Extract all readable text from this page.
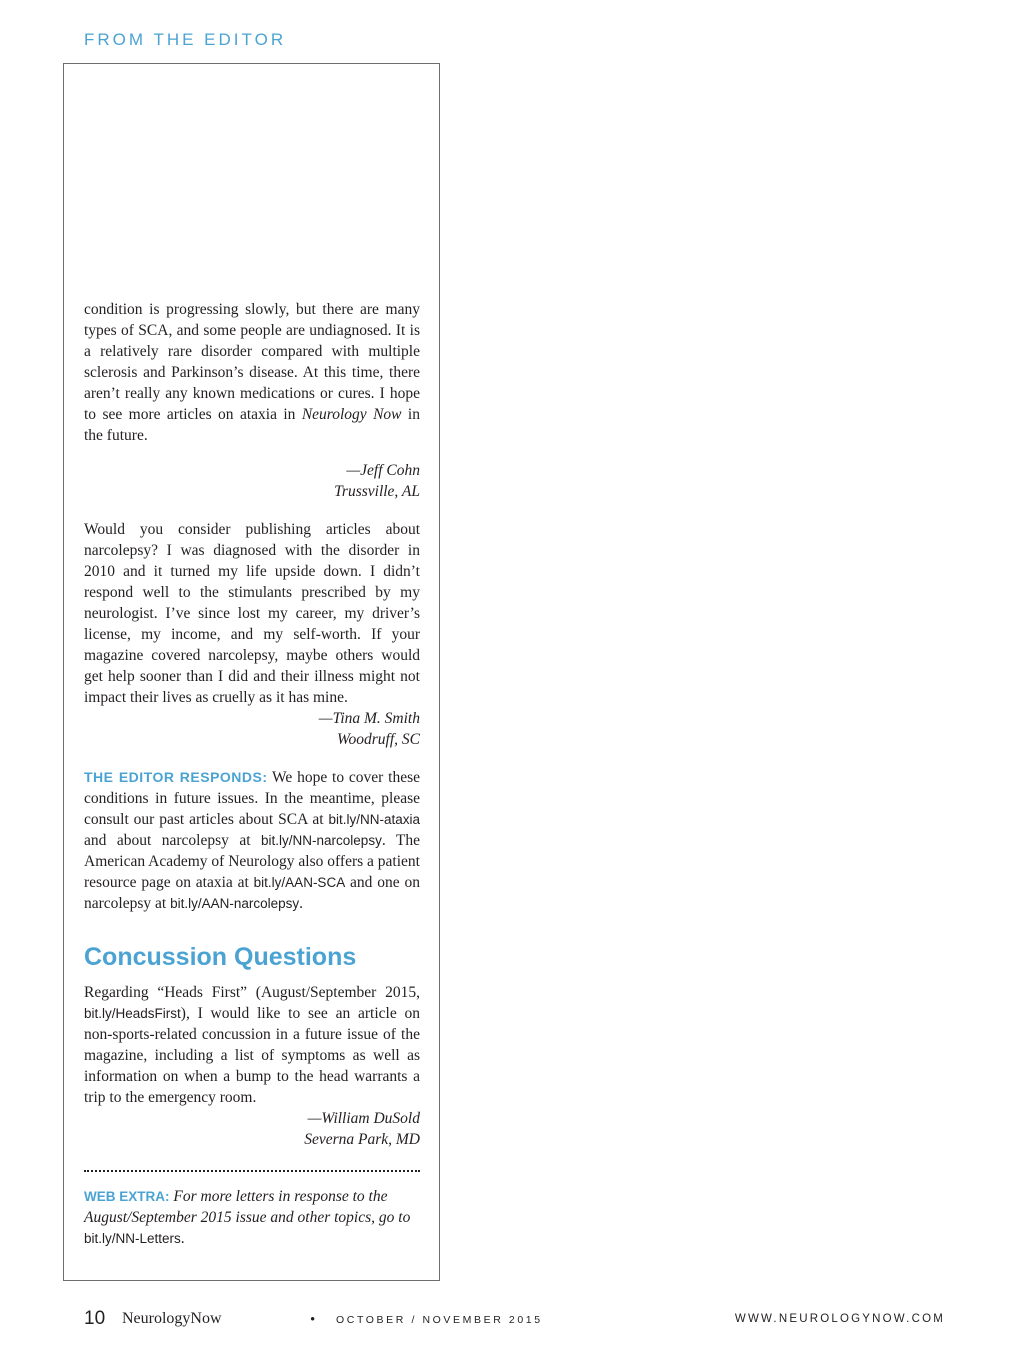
FROM THE EDITOR

condition is progressing slowly, but there are many types of SCA, and some people are undiagnosed. It is a relatively rare disorder compared with multiple sclerosis and Parkinson’s disease. At this time, there aren’t really any known medications or cures. I hope to see more articles on ataxia in Neurology Now in the future.

—Jeff Cohn

Trussville, AL

Would you consider publishing articles about narcolepsy? I was diagnosed with the disorder in 2010 and it turned my life upside down. I didn’t respond well to the stimulants prescribed by my neurologist. I’ve since lost my career, my driver’s license, my income, and my self-worth. If your magazine covered narcolepsy, maybe others would get help sooner than I did and their illness might not impact their lives as cruelly as it has mine.

—Tina M. Smith

Woodruff, SC

THE EDITOR RESPONDS: We hope to cover these conditions in future issues. In the meantime, please consult our past articles about SCA at bit.ly/NN-ataxia and about narcolepsy at bit.ly/NN-narcolepsy. The American Academy of Neurology also offers a patient resource page on ataxia at bit.ly/AAN-SCA and one on narcolepsy at bit.ly/AAN-narcolepsy.

Concussion Questions

Regarding “Heads First” (August/September 2015, bit.ly/HeadsFirst), I would like to see an article on non-sports-related concussion in a future issue of the magazine, including a list of symptoms as well as information on when a bump to the head warrants a trip to the emergency room.

—William DuSold

Severna Park, MD

WEB EXTRA: For more letters in response to the August/September 2015 issue and other topics, go to bit.ly/NN-Letters.

10 NeurologyNow	• OCTOBER / NOVEMBER 2015	WWW.NEUROLOGYNOW.COM
